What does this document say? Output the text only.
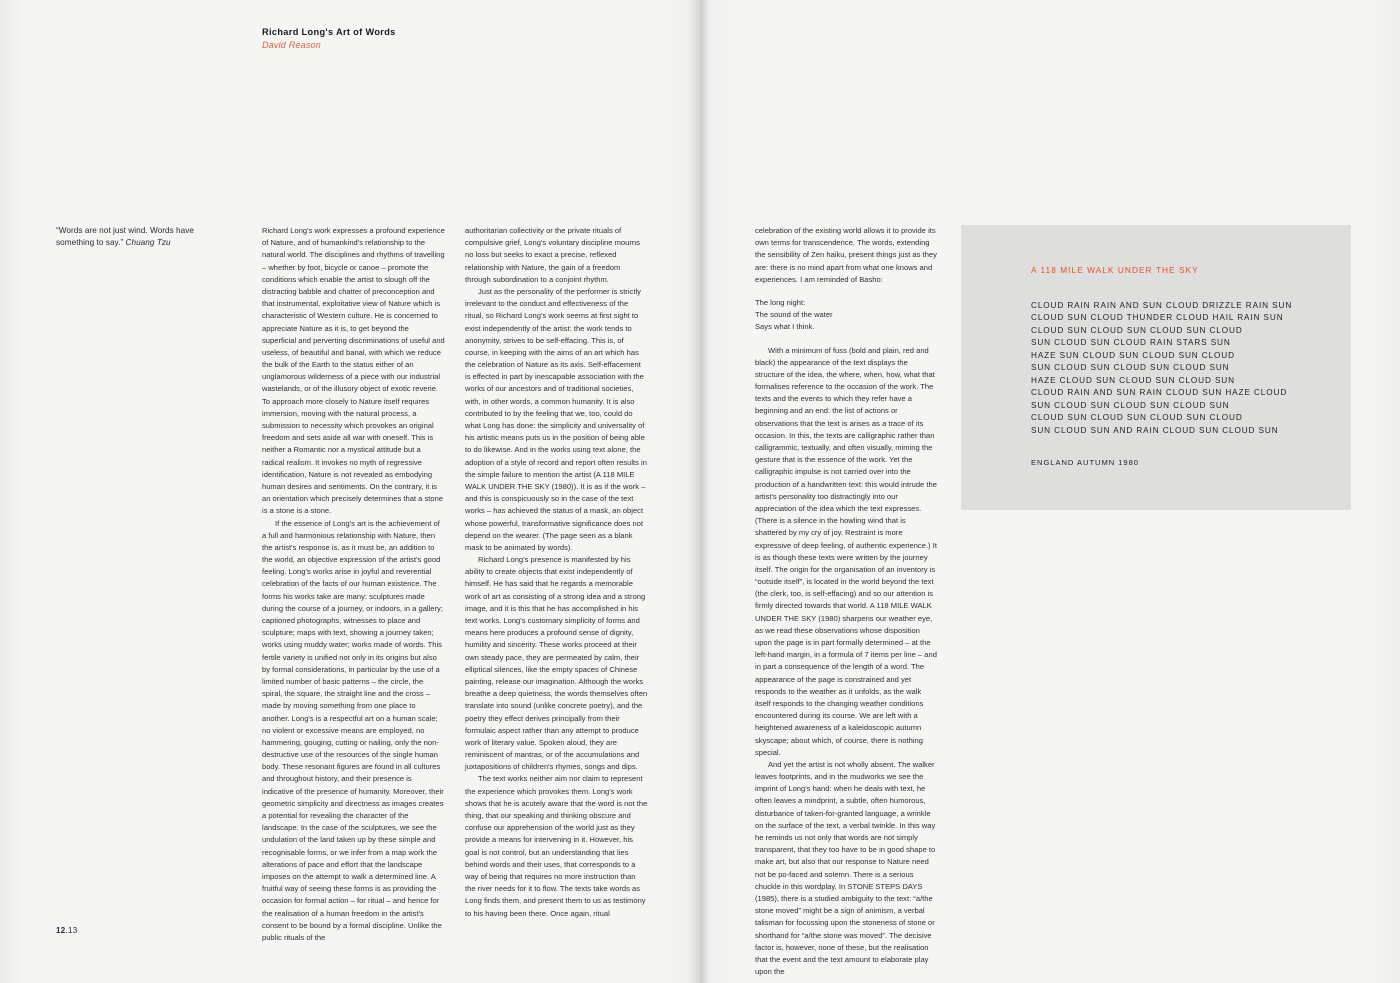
Richard Long's Art of Words

David Reason

“Words are not just wind. Words have something to say.” Chuang Tzu

Richard Long's work expresses a profound experience of Nature, and of humankind's relationship to the natural world. The disciplines and rhythms of travelling – whether by foot, bicycle or canoe – promote the conditions which enable the artist to slough off the distracting babble and chatter of preconception and that instrumental, exploitative view of Nature which is characteristic of Western culture. He is concerned to appreciate Nature as it is, to get beyond the superficial and perverting discriminations of useful and useless, of beautiful and banal, with which we reduce the bulk of the Earth to the status either of an unglamorous wilderness of a piece with our industrial wastelands, or of the illusory object of exotic reverie. To approach more closely to Nature itself requires immersion, moving with the natural process, a submission to necessity which provokes an original freedom and sets aside all war with oneself. This is neither a Romantic nor a mystical attitude but a radical realism. It invokes no myth of regressive identification, Nature is not revealed as embodying human desires and sentiments. On the contrary, it is an orientation which precisely determines that a stone is a stone is a stone.

If the essence of Long's art is the achievement of a full and harmonious relationship with Nature, then the artist's response is, as it must be, an addition to the world, an objective expression of the artist's good feeling. Long's works arise in joyful and reverential celebration of the facts of our human existence. The forms his works take are many: sculptures made during the course of a journey, or indoors, in a gallery; captioned photographs, witnesses to place and sculpture; maps with text, showing a journey taken; works using muddy water; works made of words. This fertile variety is unified not only in its origins but also by formal considerations, in particular by the use of a limited number of basic patterns – the circle, the spiral, the square, the straight line and the cross – made by moving something from one place to another. Long's is a respectful art on a human scale; no violent or excessive means are employed, no hammering, gouging, cutting or nailing, only the non-destructive use of the resources of the single human body. These resonant figures are found in all cultures and throughout history, and their presence is indicative of the presence of humanity. Moreover, their geometric simplicity and directness as images creates a potential for revealing the character of the landscape. In the case of the sculptures, we see the undulation of the land taken up by these simple and recognisable forms, or we infer from a map work the alterations of pace and effort that the landscape imposes on the attempt to walk a determined line. A fruitful way of seeing these forms is as providing the occasion for formal action – for ritual – and hence for the realisation of a human freedom in the artist's consent to be bound by a formal discipline. Unlike the public rituals of the

authoritarian collectivity or the private rituals of compulsive grief, Long's voluntary discipline mourns no loss but seeks to exact a precise, reflexed relationship with Nature, the gain of a freedom through subordination to a conjoint rhythm.

Just as the personality of the performer is strictly irrelevant to the conduct and effectiveness of the ritual, so Richard Long's work seems at first sight to exist independently of the artist: the work tends to anonymity, strives to be self-effacing. This is, of course, in keeping with the aims of an art which has the celebration of Nature as its axis. Self-effacement is effected in part by inescapable association with the works of our ancestors and of traditional societies, with, in other words, a common humanity. It is also contributed to by the feeling that we, too, could do what Long has done: the simplicity and universality of his artistic means puts us in the position of being able to do likewise. And in the works using text alone, the adoption of a style of record and report often results in the simple failure to mention the artist (A 118 MILE WALK UNDER THE SKY (1980)). It is as if the work – and this is conspicuously so in the case of the text works – has achieved the status of a mask, an object whose powerful, transformative significance does not depend on the wearer. (The page seen as a blank mask to be animated by words).

Richard Long's presence is manifested by his ability to create objects that exist independently of himself. He has said that he regards a memorable work of art as consisting of a strong idea and a strong image, and it is this that he has accomplished in his text works. Long's customary simplicity of forms and means here produces a profound sense of dignity, humility and sincerity. These works proceed at their own steady pace, they are permeated by calm, their elliptical silences, like the empty spaces of Chinese painting, release our imagination. Although the works breathe a deep quietness, the words themselves often translate into sound (unlike concrete poetry), and the poetry they effect derives principally from their formulaic aspect rather than any attempt to produce work of literary value. Spoken aloud, they are reminiscent of mantras, or of the accumulations and juxtapositions of children's rhymes, songs and dips.

The text works neither aim nor claim to represent the experience which provokes them. Long's work shows that he is acutely aware that the word is not the thing, that our speaking and thinking obscure and confuse our apprehension of the world just as they provide a means for intervening in it. However, his goal is not control, but an understanding that lies behind words and their uses, that corresponds to a way of being that requires no more instruction than the river needs for it to flow. The texts take words as Long finds them, and present them to us as testimony to his having been there. Once again, ritual

celebration of the existing world allows it to provide its own terms for transcendence. The words, extending the sensibility of Zen haiku, present things just as they are: there is no mind apart from what one knows and experiences. I am reminded of Basho:

The long night:
The sound of the water
Says what I think.

With a minimum of fuss (bold and plain, red and black) the appearance of the text displays the structure of the idea, the where, when, how, what that formalises reference to the occasion of the work. The texts and the events to which they refer have a beginning and an end: the list of actions or observations that the text is arises as a trace of its occasion. In this, the texts are calligraphic rather than calligrammic, textually, and often visually, miming the gesture that is the essence of the work. Yet the calligraphic impulse is not carried over into the production of a handwritten text: this would intrude the artist's personality too distractingly into our appreciation of the idea which the text expresses. (There is a silence in the howling wind that is shattered by my cry of joy. Restraint is more expressive of deep feeling, of authentic experience.) It is as though these texts were written by the journey itself. The origin for the organisation of an inventory is “outside itself”, is located in the world beyond the text (the clerk, too, is self-effacing) and so our attention is firmly directed towards that world. A 118 MILE WALK UNDER THE SKY (1980) sharpens our weather eye, as we read these observations whose disposition upon the page is in part formally determined – at the left-hand margin, in a formula of 7 items per line – and in part a consequence of the length of a word. The appearance of the page is constrained and yet responds to the weather as it unfolds, as the walk itself responds to the changing weather conditions encountered during its course. We are left with a heightened awareness of a kaleidoscopic autumn skyscape; about which, of course, there is nothing special.

And yet the artist is not wholly absent. The walker leaves footprints, and in the mudworks we see the imprint of Long's hand: when he deals with text, he often leaves a mindprint, a subtle, often humorous, disturbance of taken-for-granted language, a wrinkle on the surface of the text, a verbal twinkle. In this way he reminds us not only that words are not simply transparent, that they too have to be in good shape to make art, but also that our response to Nature need not be po-faced and solemn. There is a serious chuckle in this wordplay. In STONE STEPS DAYS (1985), there is a studied ambiguity to the text: “a/the stone moved” might be a sign of animism, a verbal talisman for focussing upon the stoneness of stone or shorthand for “a/the stone was moved”. The decisive factor is, however, none of these, but the realisation that the event and the text amount to elaborate play upon the

A 118 MILE WALK UNDER THE SKY
CLOUD RAIN RAIN AND SUN CLOUD DRIZZLE RAIN SUN
CLOUD SUN CLOUD THUNDER CLOUD HAIL RAIN SUN
CLOUD SUN CLOUD SUN CLOUD SUN CLOUD
SUN CLOUD SUN CLOUD RAIN STARS SUN
HAZE SUN CLOUD SUN CLOUD SUN CLOUD
SUN CLOUD SUN CLOUD SUN CLOUD SUN
HAZE CLOUD SUN CLOUD SUN CLOUD SUN
CLOUD RAIN AND SUN RAIN CLOUD SUN HAZE CLOUD
SUN CLOUD SUN CLOUD SUN CLOUD SUN
CLOUD SUN CLOUD SUN CLOUD SUN CLOUD
SUN CLOUD SUN AND RAIN CLOUD SUN CLOUD SUN
ENGLAND AUTUMN 1980
12.13
